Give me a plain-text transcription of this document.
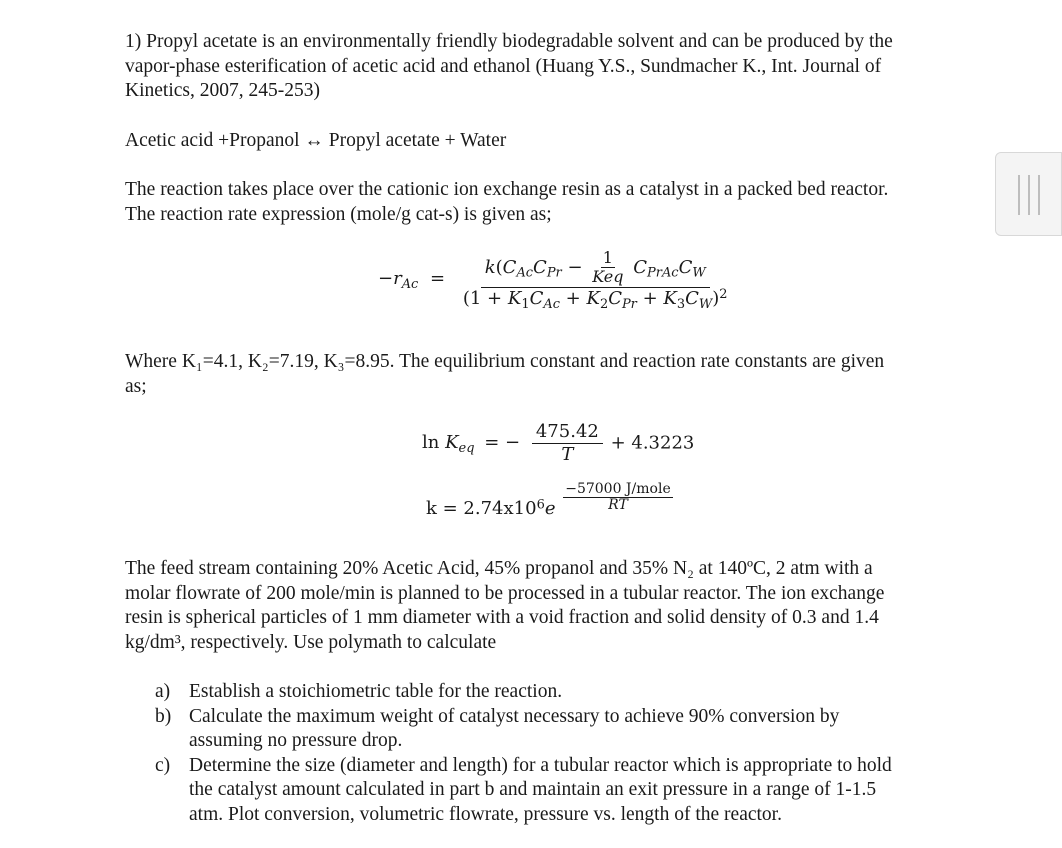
1) Propyl acetate is an environmentally friendly biodegradable solvent and can be produced by the
vapor-phase esterification of acetic acid and ethanol (Huang Y.S., Sundmacher K., Int. Journal of
Kinetics, 2007, 245-253)

Acetic acid +Propanol ↔ Propyl acetate + Water

The reaction takes place over the cationic ion exchange resin as a catalyst in a packed bed reactor.
The reaction rate expression (mole/g cat-s) is given as;

$-r_{Ac} = \frac{k(C_{Ac}C_{Pr} - \frac{1}{\text{Keq}} C_{PrAc}C_W}{(1 + K_1C_{Ac} + K_2C_{Pr} + K_3C_W)^2}$

Where K₁=4.1, K₂=7.19, K₃=8.95. The equilibrium constant and reaction rate constants are given
as;

$\ln K_{eq}$ = − $\frac{475.42}{T} + 4.3223$
$k = 2.74x10^6e \frac{\text{−57000 J/mole}}{RT}$

The feed stream containing 20% Acetic Acid, 45% propanol and 35% N₂ at 140ºC, 2 atm with a
molar flowrate of 200 mole/min is planned to be processed in a tubular reactor. The ion exchange
resin is spherical particles of 1 mm diameter with a void fraction and solid density of 0.3 and 1.4
kg/dm³, respectively. Use polymath to calculate

a) Establish a stoichiometric table for the reaction.
b) Calculate the maximum weight of catalyst necessary to achieve 90% conversion by
assuming no pressure drop.
c) Determine the size (diameter and length) for a tubular reactor which is appropriate to hold
the catalyst amount calculated in part b and maintain an exit pressure in a range of 1-1.5
atm. Plot conversion, volumetric flowrate, pressure vs. length of the reactor.
